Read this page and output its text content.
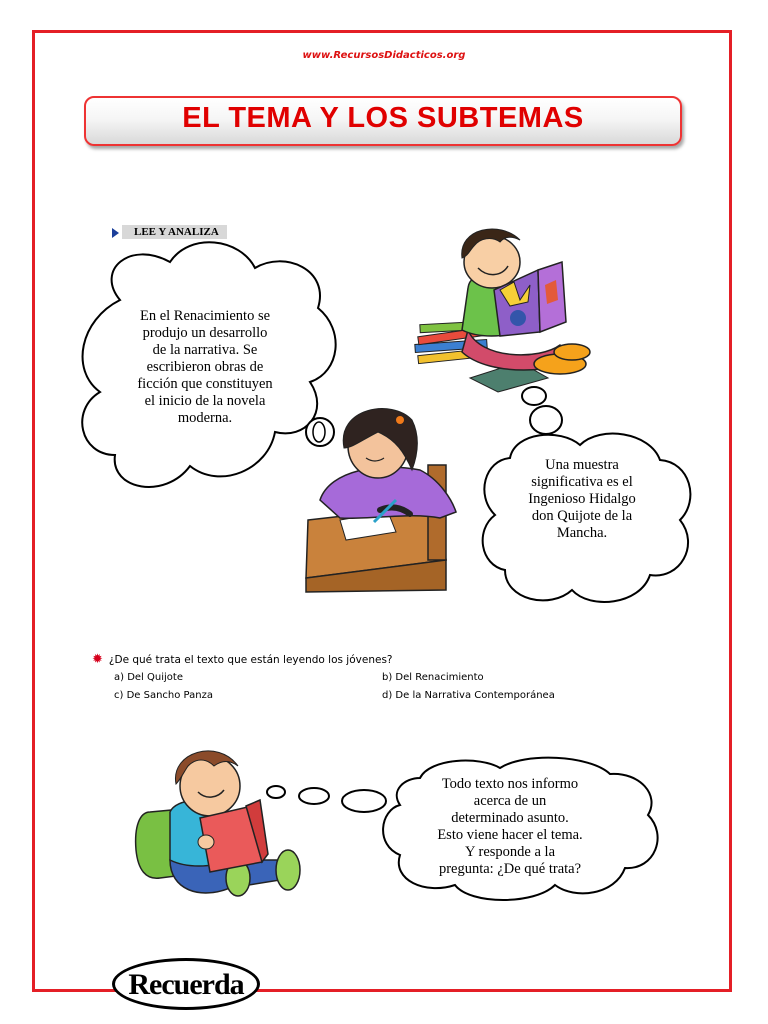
www.RecursosDidacticos.org
EL TEMA Y LOS SUBTEMAS
LEE Y ANALIZA
En el Renacimiento se
produjo un desarrollo
de la narrativa. Se
escribieron obras de
ficción que constituyen
el inicio de la novela
moderna.
Una muestra
significativa es el
Ingenioso Hidalgo
don Quijote de la
Mancha.
Todo texto nos informo
acerca de un
determinado asunto.
Esto viene hacer el tema.
Y responde a la
pregunta: ¿De qué trata?
✹ ¿De qué trata el texto que están leyendo los jóvenes?
a) Del Quijote	b) Del Renacimiento
c) De Sancho Panza	d) De la Narrativa Contemporánea
Recuerda
